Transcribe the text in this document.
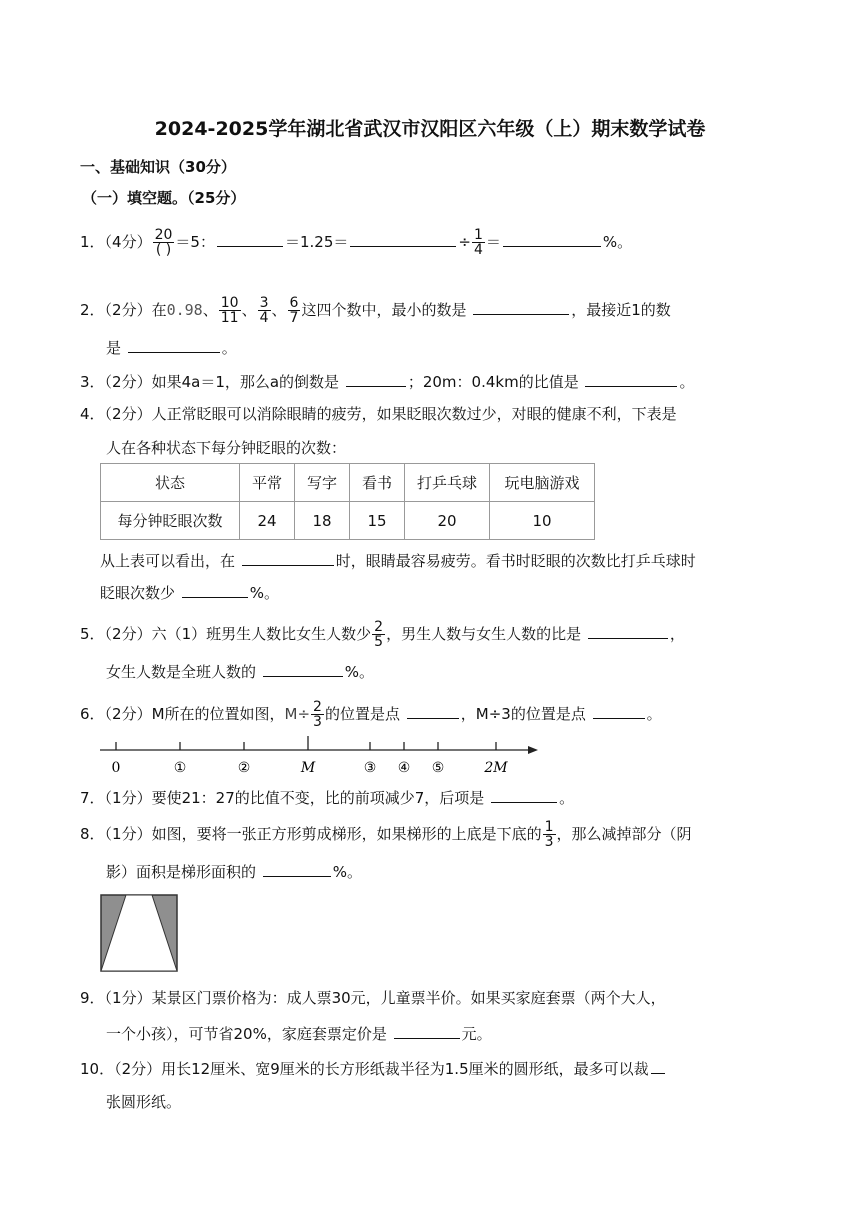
2024-2025学年湖北省武汉市汉阳区六年级（上）期末数学试卷
一、基础知识（30分）
（一）填空题。（25分）
1．（4分） $\frac{20}{( )} =5$：	＝1.25＝	÷ $\frac{1}{4}$ ＝	%。
2．（2分）在0.98、 $\frac{10}{11}$ 、 $\frac{3}{4}$ 、 $\frac{6}{7}$ 这四个数中，最小的数是	，最接近1的数
是	。
3．（2分）如果4a＝1，那么a的倒数是	；20m：0.4km的比值是	。
4．（2分）人正常眨眼可以消除眼睛的疲劳，如果眨眼次数过少，对眼的健康不利，下表是
人在各种状态下每分钟眨眼的次数：
状态	平常	写字	看书	打乒乓球	玩电脑游戏
每分钟眨眼次数	24	18	15	20	10
从上表可以看出，在	时，眼睛最容易疲劳。看书时眨眼的次数比打乒乓球时
眨眼次数少	%。
5．（2分）六（1）班男生人数比女生人数少 $\frac{2}{5}$ ，男生人数与女生人数的比是	，
女生人数是全班人数的	%。
6．（2分）M所在的位置如图，$M\div \frac{2}{3}$ 的位置是点	，M÷3的位置是点	。
0	①	②	M	③ ④ ⑤	2M
7．（1分）要使21：27的比值不变，比的前项减少7，后项是	。
8．（1分）如图，要将一张正方形剪成梯形，如果梯形的上底是下底的 $\frac{1}{3}$ ，那么减掉部分（阴
影）面积是梯形面积的	%。
9．（1分）某景区门票价格为：成人票30元，儿童票半价。如果买家庭套票（两个大人，
一个小孩），可节省20%，家庭套票定价是	元。
10．（2分）用长12厘米、宽9厘米的长方形纸裁半径为1.5厘米的圆形纸，最多可以裁
张圆形纸。
